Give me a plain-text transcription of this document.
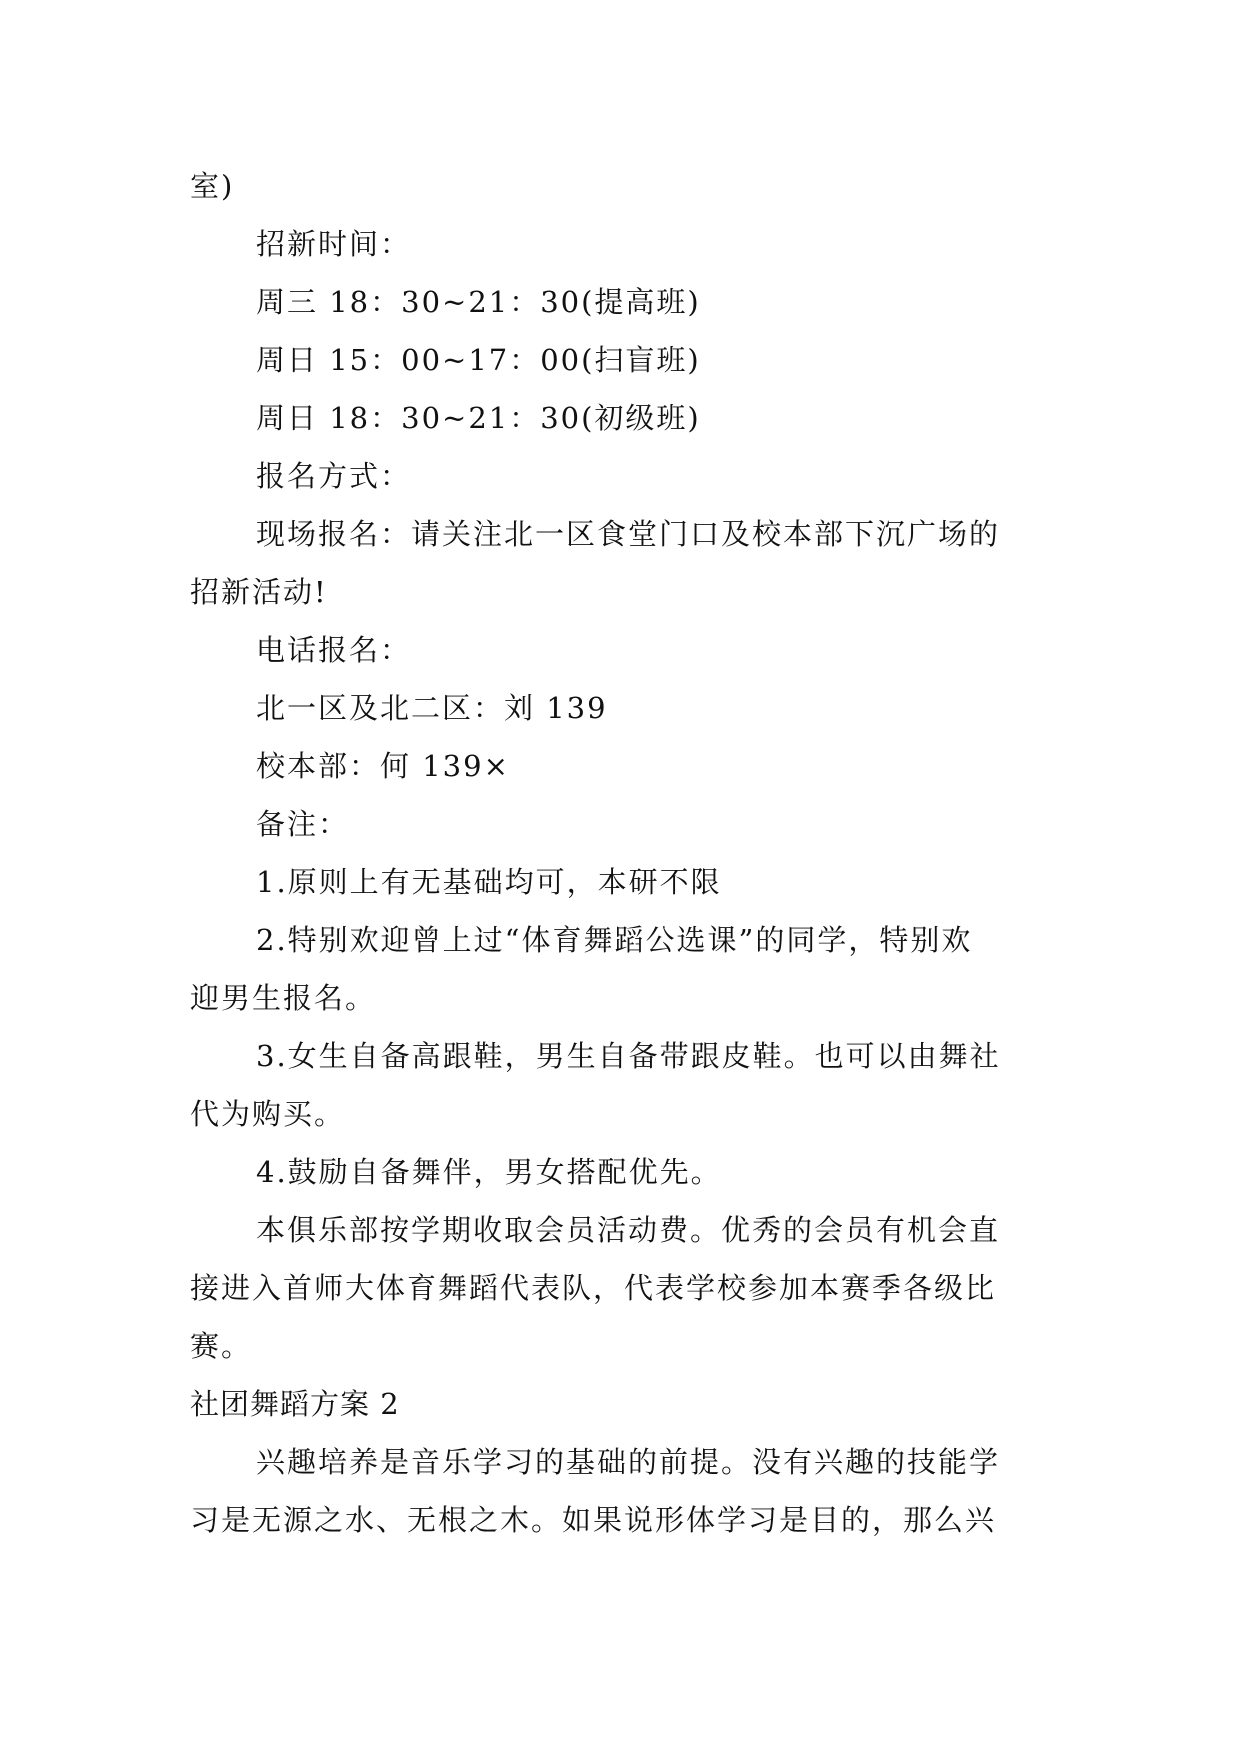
室)
招新时间：
周三 18：30~21：30(提高班)
周日 15：00~17：00(扫盲班)
周日 18：30~21：30(初级班)
报名方式：
现场报名：请关注北一区食堂门口及校本部下沉广场的
招新活动!
电话报名：
北一区及北二区：刘 139
校本部：何 139×
备注：
1.原则上有无基础均可，本研不限
2.特别欢迎曾上过“体育舞蹈公选课”的同学，特别欢
迎男生报名。
3.女生自备高跟鞋，男生自备带跟皮鞋。也可以由舞社
代为购买。
4.鼓励自备舞伴，男女搭配优先。
本俱乐部按学期收取会员活动费。优秀的会员有机会直
接进入首师大体育舞蹈代表队，代表学校参加本赛季各级比
赛。
社团舞蹈方案 2
兴趣培养是音乐学习的基础的前提。没有兴趣的技能学
习是无源之水、无根之木。如果说形体学习是目的，那么兴
